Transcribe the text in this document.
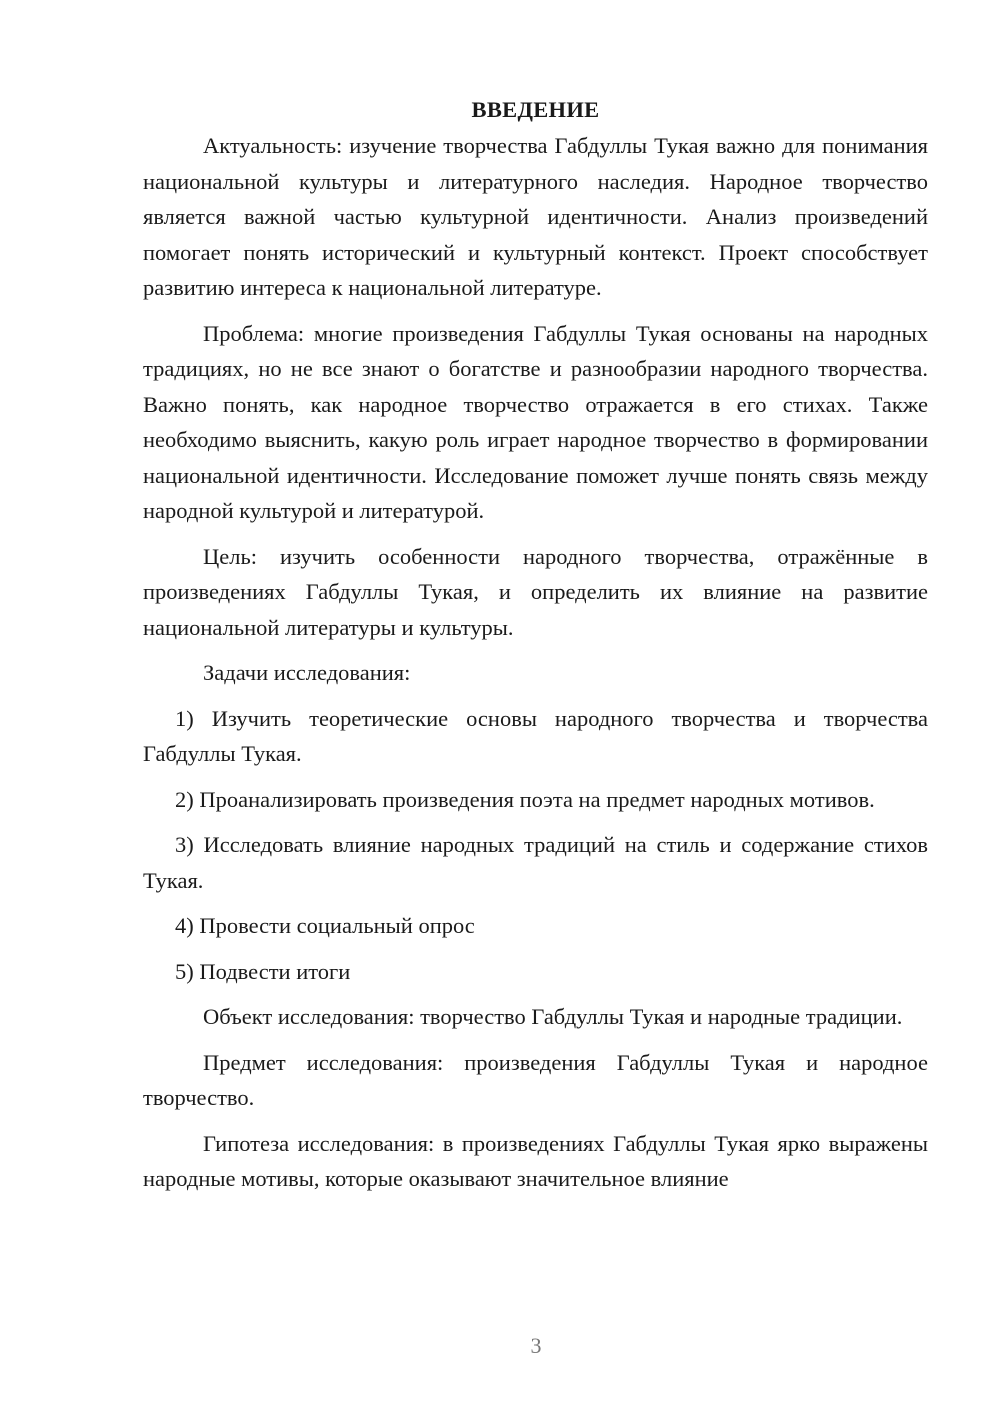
ВВЕДЕНИЕ

Актуальность: изучение творчества Габдуллы Тукая важно для понимания национальной культуры и литературного наследия. Народное творчество является важной частью культурной идентичности. Анализ произведений помогает понять исторический и культурный контекст. Проект способствует развитию интереса к национальной литературе.

Проблема: многие произведения Габдуллы Тукая основаны на народных традициях, но не все знают о богатстве и разнообразии народного творчества. Важно понять, как народное творчество отражается в его стихах. Также необходимо выяснить, какую роль играет народное творчество в формировании национальной идентичности. Исследование поможет лучше понять связь между народной культурой и литературой.

Цель: изучить особенности народного творчества, отражённые в произведениях Габдуллы Тукая, и определить их влияние на развитие национальной литературы и культуры.

Задачи исследования:

1) Изучить теоретические основы народного творчества и творчества Габдуллы Тукая.

2) Проанализировать произведения поэта на предмет народных мотивов.

3) Исследовать влияние народных традиций на стиль и содержание стихов Тукая.

4) Провести социальный опрос

5) Подвести итоги

Объект исследования: творчество Габдуллы Тукая и народные традиции.

Предмет исследования: произведения Габдуллы Тукая и народное творчество.

Гипотеза исследования: в произведениях Габдуллы Тукая ярко выражены народные мотивы, которые оказывают значительное влияние

3
